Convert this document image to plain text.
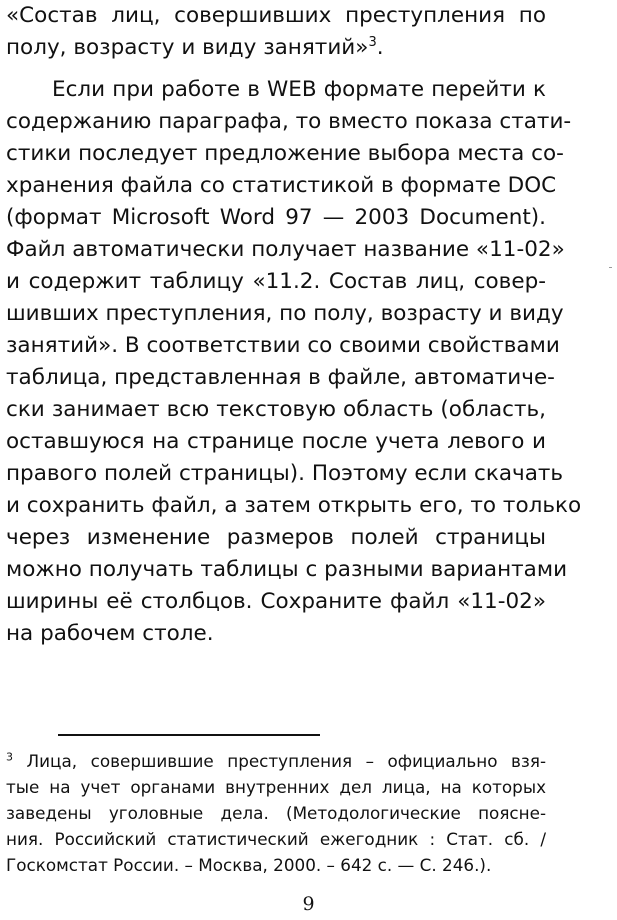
«Состав лиц, совершивших преступления по
полу, возрасту и виду занятий»$^3$.
Если при работе в WEB формате перейти к
содержанию параграфа, то вместо показа стати-
стики последует предложение выбора места со-
хранения файла со статистикой в формате DOC
(формат Microsoft Word 97 — 2003 Document).
Файл автоматически получает название «11-02»
и содержит таблицу «11.2. Состав лиц, совер-
шивших преступления, по полу, возрасту и виду
занятий». В соответствии со своими свойствами
таблица, представленная в файле, автоматиче-
ски занимает всю текстовую область (область,
оставшуюся на странице после учета левого и
правого полей страницы). Поэтому если скачать
и сохранить файл, а затем открыть его, то только
через изменение размеров полей страницы
можно получать таблицы с разными вариантами
ширины её столбцов. Сохраните файл «11-02»
на рабочем столе.
$^3$ Лица, совершившие преступления – официально взя-
тые на учет органами внутренних дел лица, на которых
заведены уголовные дела. (Методологические поясне-
ния. Российский статистический ежегодник : Стат. сб. /
Госкомстат России. – Москва, 2000. – 642 с. — С. 246.).
9
